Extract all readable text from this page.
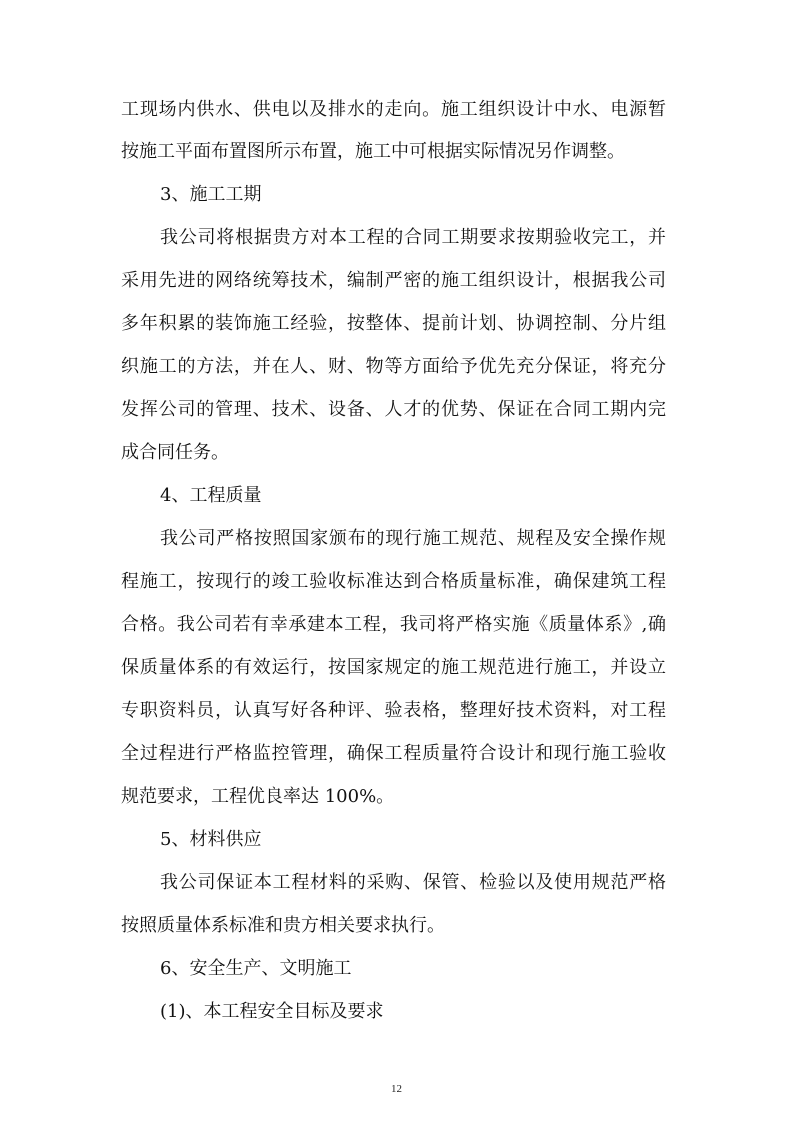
工现场内供水、供电以及排水的走向。施工组织设计中水、电源暂
按施工平面布置图所示布置，施工中可根据实际情况另作调整。
3、施工工期
我公司将根据贵方对本工程的合同工期要求按期验收完工，并
采用先进的网络统筹技术，编制严密的施工组织设计，根据我公司
多年积累的装饰施工经验，按整体、提前计划、协调控制、分片组
织施工的方法，并在人、财、物等方面给予优先充分保证，将充分
发挥公司的管理、技术、设备、人才的优势、保证在合同工期内完
成合同任务。
4、工程质量
我公司严格按照国家颁布的现行施工规范、规程及安全操作规
程施工，按现行的竣工验收标准达到合格质量标准，确保建筑工程
合格。我公司若有幸承建本工程，我司将严格实施《质量体系》,确
保质量体系的有效运行，按国家规定的施工规范进行施工，并设立
专职资料员，认真写好各种评、验表格，整理好技术资料，对工程
全过程进行严格监控管理，确保工程质量符合设计和现行施工验收
规范要求，工程优良率达 100%。
5、材料供应
我公司保证本工程材料的采购、保管、检验以及使用规范严格
按照质量体系标准和贵方相关要求执行。
6、安全生产、文明施工
(1)、本工程安全目标及要求
12
